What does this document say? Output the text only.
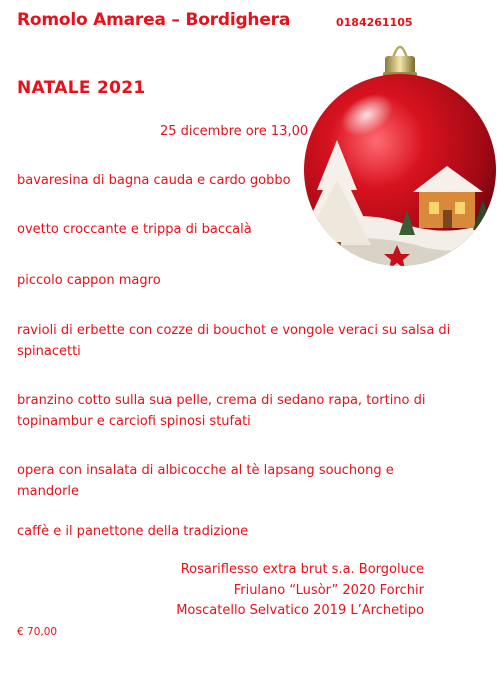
Romolo Amarea – Bordighera	0184261105
NATALE 2021
25 dicembre ore 13,00
bavaresina di bagna cauda e cardo gobbo
ovetto croccante e trippa di baccalà
piccolo cappon magro
ravioli di erbette con cozze di bouchot e vongole veraci su salsa di spinacetti
branzino cotto sulla sua pelle, crema di sedano rapa, tortino di topinambur e carciofi spinosi stufati
opera con insalata di albicocche al tè lapsang souchong e mandorle
caffè e il panettone della tradizione
Rosariflesso extra brut s.a. Borgoluce
Friulano “Lusòr” 2020 Forchir
Moscatello Selvatico 2019 L’Archetipo
€ 70,00
